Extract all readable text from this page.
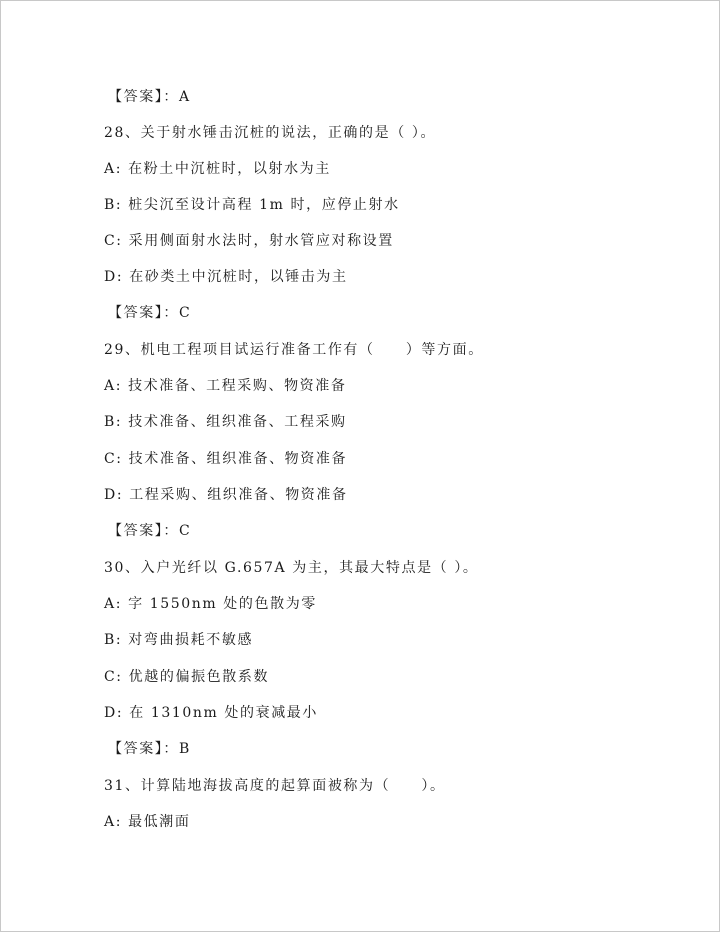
【答案】：A
28、关于射水锤击沉桩的说法，正确的是（ ）。
A: 在粉土中沉桩时，以射水为主
B: 桩尖沉至设计高程 1m 时，应停止射水
C: 采用侧面射水法时，射水管应对称设置
D: 在砂类土中沉桩时，以锤击为主
【答案】：C
29、机电工程项目试运行准备工作有（　　）等方面。
A: 技术准备、工程采购、物资准备
B: 技术准备、组织准备、工程采购
C: 技术准备、组织准备、物资准备
D: 工程采购、组织准备、物资准备
【答案】：C
30、入户光纤以 G.657A 为主，其最大特点是（ ）。
A: 字 1550nm 处的色散为零
B: 对弯曲损耗不敏感
C: 优越的偏振色散系数
D: 在 1310nm 处的衰减最小
【答案】：B
31、计算陆地海拔高度的起算面被称为（　　）。
A: 最低潮面
